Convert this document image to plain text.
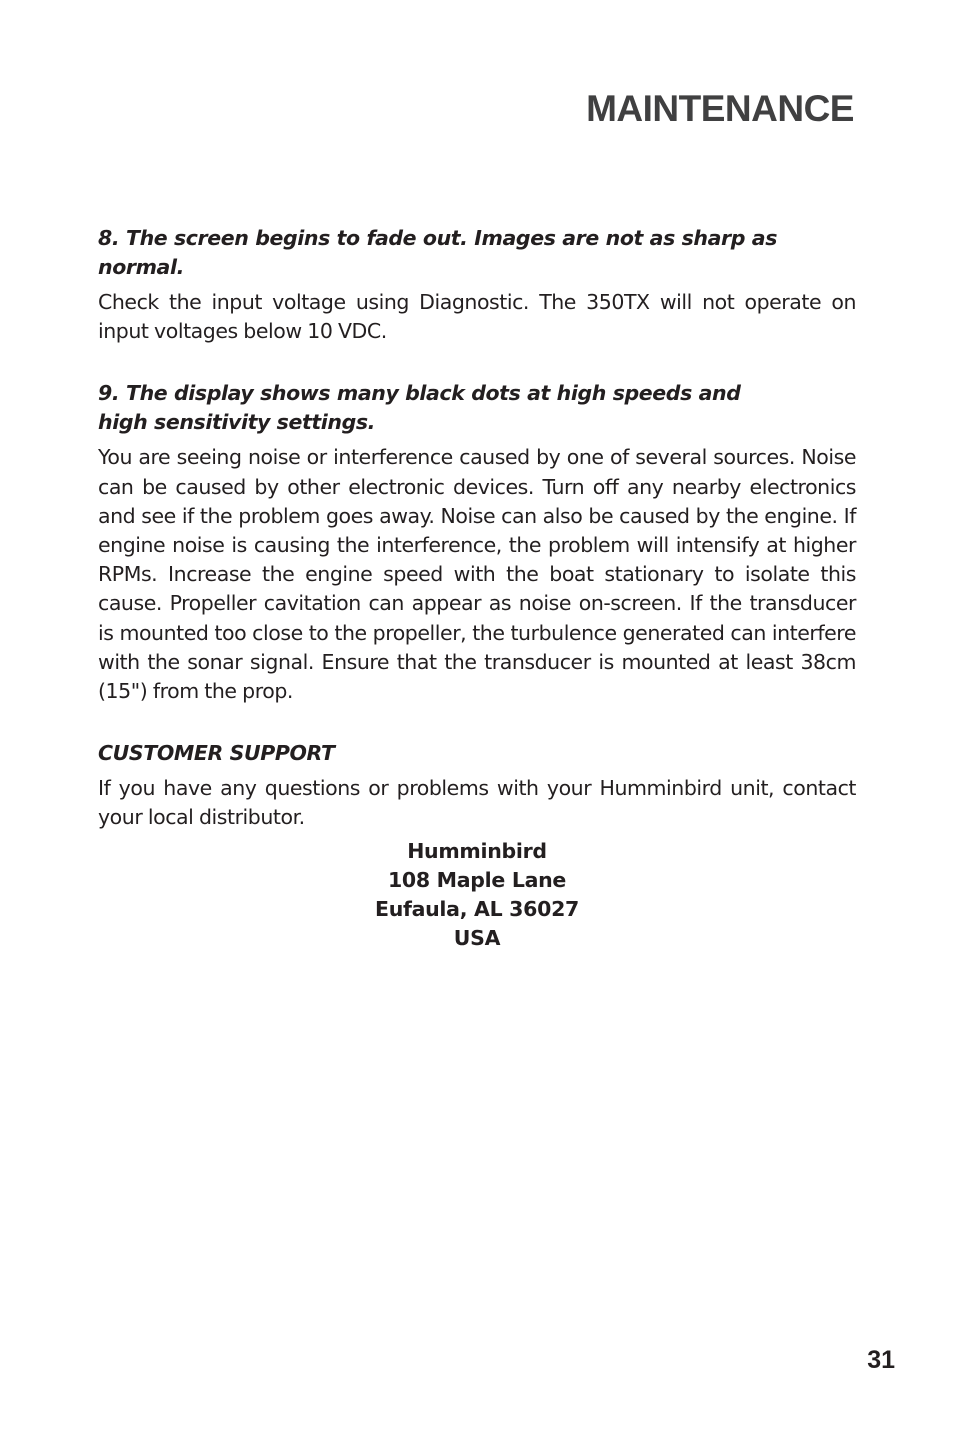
MAINTENANCE

8. The screen begins to fade out. Images are not as sharp as normal.

Check the input voltage using Diagnostic. The 350TX will not operate on input voltages below 10 VDC.

9. The display shows many black dots at high speeds and high sensitivity settings.

You are seeing noise or interference caused by one of several sources. Noise can be caused by other electronic devices. Turn off any nearby electronics and see if the problem goes away. Noise can also be caused by the engine. If engine noise is causing the interference, the problem will intensify at higher RPMs. Increase the engine speed with the boat stationary to isolate this cause. Propeller cavitation can appear as noise on-screen. If the transducer is mounted too close to the propeller, the turbulence generated can interfere with the sonar signal. Ensure that the transducer is mounted at least 38cm (15") from the prop.

CUSTOMER SUPPORT

If you have any questions or problems with your Humminbird unit, contact your local distributor.

Humminbird
108 Maple Lane
Eufaula, AL 36027
USA
31
